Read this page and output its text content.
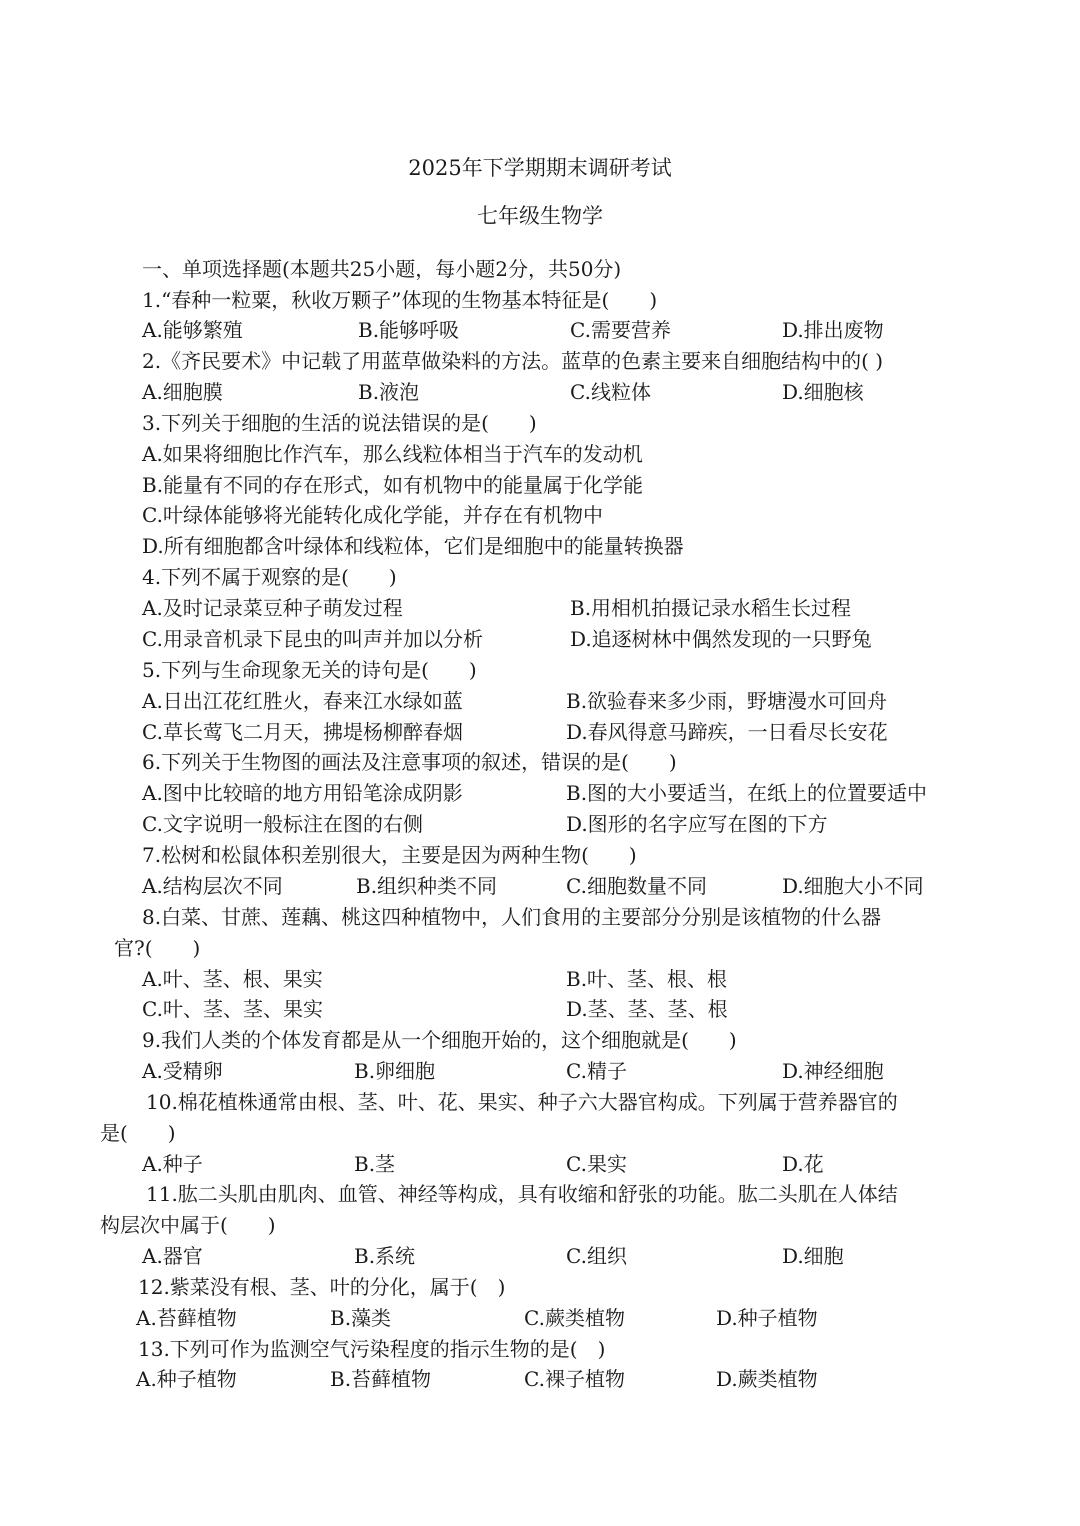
2025年下学期期末调研考试
七年级生物学
一、单项选择题(本题共25小题，每小题2分，共50分)
1.“春种一粒粟，秋收万颗子”体现的生物基本特征是(　　)
A.能够繁殖	B.能够呼吸	C.需要营养	D.排出废物
2.《齐民要术》中记载了用蓝草做染料的方法。蓝草的色素主要来自细胞结构中的( )
A.细胞膜	B.液泡	C.线粒体	D.细胞核
3.下列关于细胞的生活的说法错误的是(　　)
A.如果将细胞比作汽车，那么线粒体相当于汽车的发动机
B.能量有不同的存在形式，如有机物中的能量属于化学能
C.叶绿体能够将光能转化成化学能，并存在有机物中
D.所有细胞都含叶绿体和线粒体，它们是细胞中的能量转换器
4.下列不属于观察的是(　　)
A.及时记录菜豆种子萌发过程	B.用相机拍摄记录水稻生长过程
C.用录音机录下昆虫的叫声并加以分析	D.追逐树林中偶然发现的一只野兔
5.下列与生命现象无关的诗句是(　　)
A.日出江花红胜火，春来江水绿如蓝	B.欲验春来多少雨，野塘漫水可回舟
C.草长莺飞二月天，拂堤杨柳醉春烟	D.春风得意马蹄疾，一日看尽长安花
6.下列关于生物图的画法及注意事项的叙述，错误的是(　　)
A.图中比较暗的地方用铅笔涂成阴影	B.图的大小要适当，在纸上的位置要适中
C.文字说明一般标注在图的右侧	D.图形的名字应写在图的下方
7.松树和松鼠体积差别很大，主要是因为两种生物(　　)
A.结构层次不同	B.组织种类不同	C.细胞数量不同	D.细胞大小不同
8.白菜、甘蔗、莲藕、桃这四种植物中，人们食用的主要部分分别是该植物的什么器
官?(　　)
A.叶、茎、根、果实	B.叶、茎、根、根
C.叶、茎、茎、果实	D.茎、茎、茎、根
9.我们人类的个体发育都是从一个细胞开始的，这个细胞就是(　　)
A.受精卵	B.卵细胞	C.精子	D.神经细胞
10.棉花植株通常由根、茎、叶、花、果实、种子六大器官构成。下列属于营养器官的
是(　　)
A.种子	B.茎	C.果实	D.花
11.肱二头肌由肌肉、血管、神经等构成，具有收缩和舒张的功能。肱二头肌在人体结
构层次中属于(　　)
A.器官	B.系统	C.组织	D.细胞
12.紫菜没有根、茎、叶的分化，属于(　)
A.苔藓植物	B.藻类	C.蕨类植物	D.种子植物
13.下列可作为监测空气污染程度的指示生物的是(　)
A.种子植物	B.苔藓植物	C.裸子植物	D.蕨类植物
